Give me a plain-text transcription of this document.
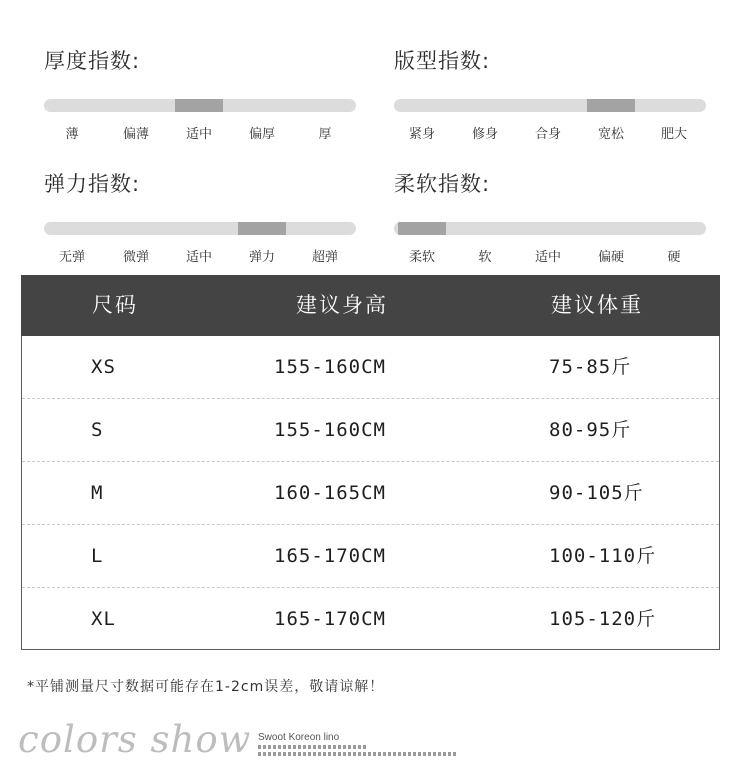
厚度指数:
薄	偏薄	适中	偏厚	厚
版型指数:
紧身	修身	合身	宽松	肥大
弹力指数:
无弹	微弹	适中	弹力	超弹
柔软指数:
柔软	软	适中	偏硬	硬
尺码	建议身高	建议体重
XS	155-160CM	75-85斤
S	155-160CM	80-95斤
M	160-165CM	90-105斤
L	165-170CM	100-110斤
XL	165-170CM	105-120斤
*平铺测量尺寸数据可能存在1-2cm误差，敬请谅解！
colors show Swoot Koreon lino
